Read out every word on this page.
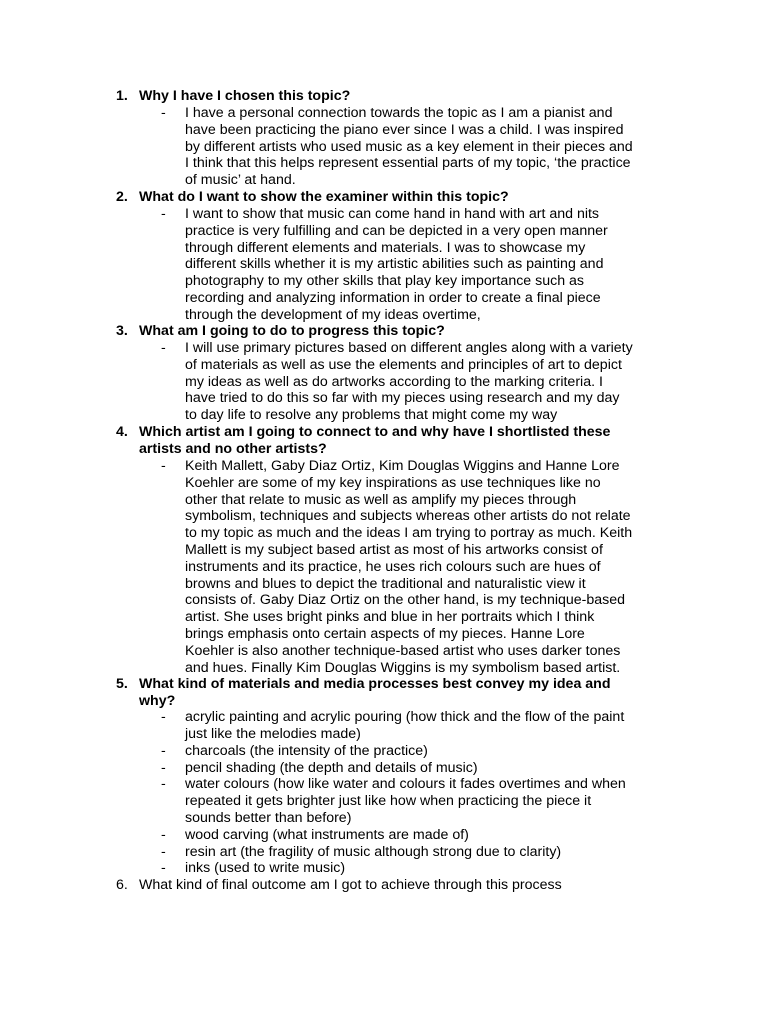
1. Why I have I chosen this topic?
- I have a personal connection towards the topic as I am a pianist and
have been practicing the piano ever since I was a child. I was inspired
by different artists who used music as a key element in their pieces and
I think that this helps represent essential parts of my topic, ‘the practice
of music’ at hand.
2. What do I want to show the examiner within this topic?
- I want to show that music can come hand in hand with art and nits
practice is very fulfilling and can be depicted in a very open manner
through different elements and materials. I was to showcase my
different skills whether it is my artistic abilities such as painting and
photography to my other skills that play key importance such as
recording and analyzing information in order to create a final piece
through the development of my ideas overtime,
3. What am I going to do to progress this topic?
- I will use primary pictures based on different angles along with a variety
of materials as well as use the elements and principles of art to depict
my ideas as well as do artworks according to the marking criteria. I
have tried to do this so far with my pieces using research and my day
to day life to resolve any problems that might come my way
4. Which artist am I going to connect to and why have I shortlisted these
artists and no other artists?
- Keith Mallett, Gaby Diaz Ortiz, Kim Douglas Wiggins and Hanne Lore
Koehler are some of my key inspirations as use techniques like no
other that relate to music as well as amplify my pieces through
symbolism, techniques and subjects whereas other artists do not relate
to my topic as much and the ideas I am trying to portray as much. Keith
Mallett is my subject based artist as most of his artworks consist of
instruments and its practice, he uses rich colours such are hues of
browns and blues to depict the traditional and naturalistic view it
consists of. Gaby Diaz Ortiz on the other hand, is my technique-based
artist. She uses bright pinks and blue in her portraits which I think
brings emphasis onto certain aspects of my pieces. Hanne Lore
Koehler is also another technique-based artist who uses darker tones
and hues. Finally Kim Douglas Wiggins is my symbolism based artist.
5. What kind of materials and media processes best convey my idea and
why?
- acrylic painting and acrylic pouring (how thick and the flow of the paint
just like the melodies made)
- charcoals (the intensity of the practice)
- pencil shading (the depth and details of music)
- water colours (how like water and colours it fades overtimes and when
repeated it gets brighter just like how when practicing the piece it
sounds better than before)
- wood carving (what instruments are made of)
- resin art (the fragility of music although strong due to clarity)
- inks (used to write music)
6. What kind of final outcome am I got to achieve through this process
